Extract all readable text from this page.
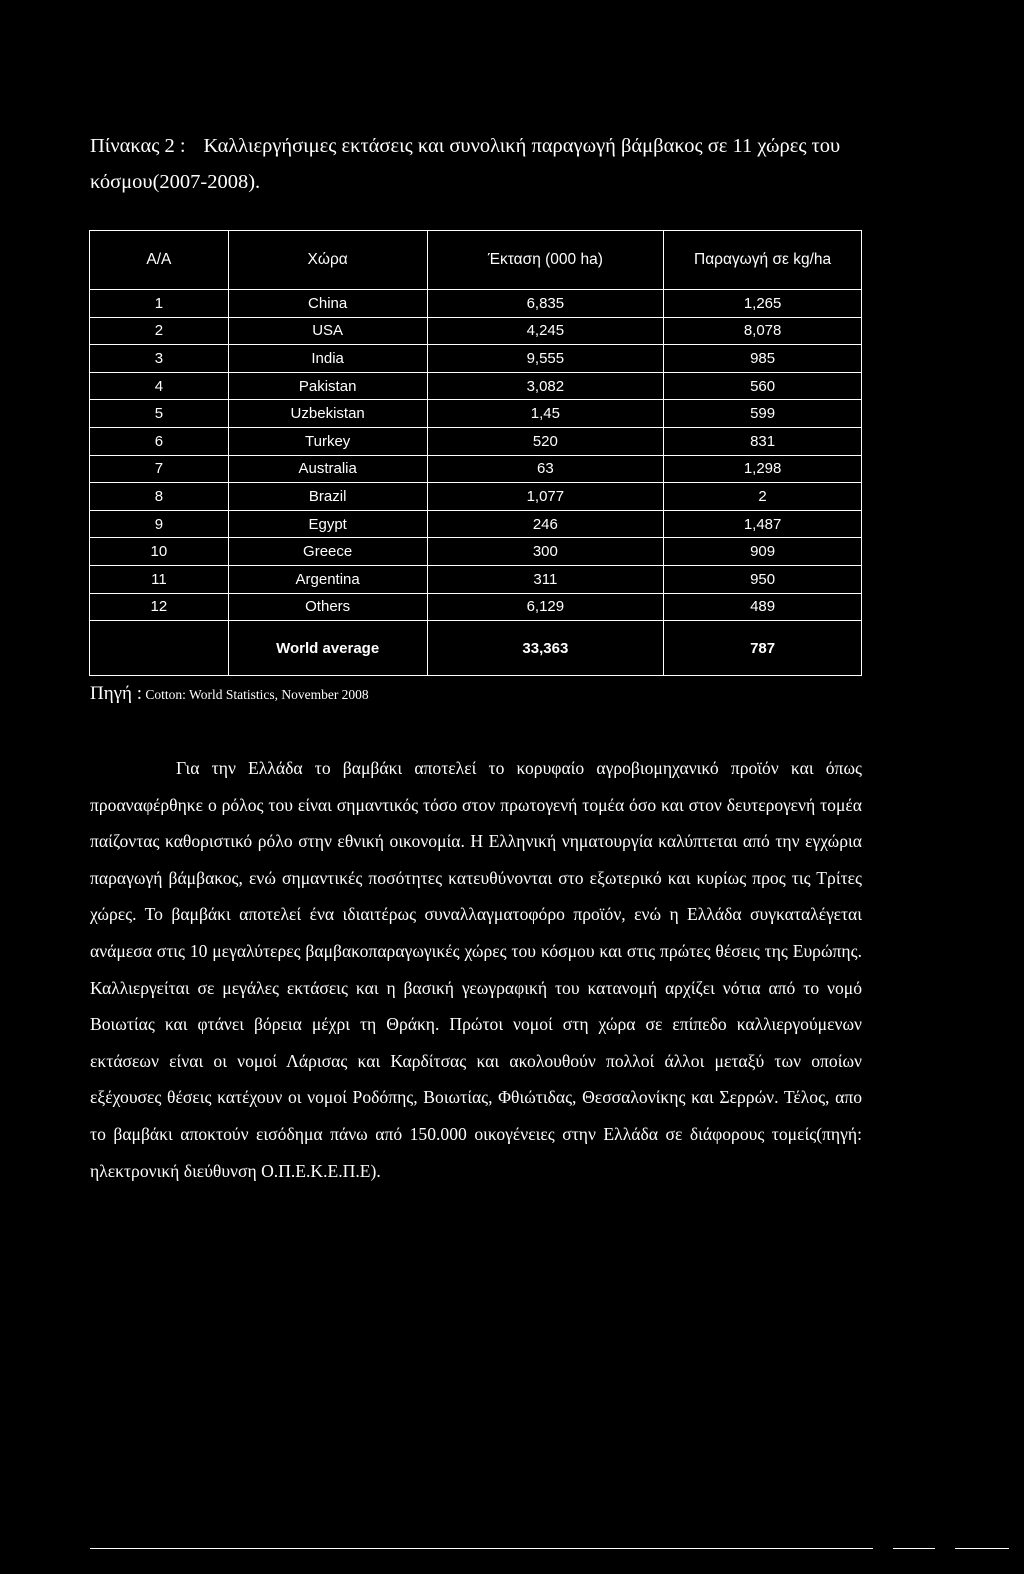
Πίνακας 2 : Καλλιεργήσιμες εκτάσεις και συνολική παραγωγή βάμβακος σε 11 χώρες του κόσμου(2007-2008).
Α/Α	Χώρα	Έκταση (000 ha)	Παραγωγή σε kg/ha
1	China	6,835	1,265
2	USA	4,245	8,078
3	India	9,555	985
4	Pakistan	3,082	560
5	Uzbekistan	1,45	599
6	Turkey	520	831
7	Australia	63	1,298
8	Brazil	1,077	2
9	Egypt	246	1,487
10	Greece	300	909
11	Argentina	311	950
12	Others	6,129	489
	World average	33,363	787
Πηγή : Cotton: World Statistics, November 2008

Για την Ελλάδα το βαμβάκι αποτελεί το κορυφαίο αγροβιομηχανικό προϊόν και όπως προαναφέρθηκε ο ρόλος του είναι σημαντικός τόσο στον πρωτογενή τομέα όσο και στον δευτερογενή τομέα παίζοντας καθοριστικό ρόλο στην εθνική οικονομία. Η Ελληνική νηματουργία καλύπτεται από την εγχώρια παραγωγή βάμβακος, ενώ σημαντικές ποσότητες κατευθύνονται στο εξωτερικό και κυρίως προς τις Τρίτες χώρες. Το βαμβάκι αποτελεί ένα ιδιαιτέρως συναλλαγματοφόρο προϊόν, ενώ η Ελλάδα συγκαταλέγεται ανάμεσα στις 10 μεγαλύτερες βαμβακοπαραγωγικές χώρες του κόσμου και στις πρώτες θέσεις της Ευρώπης. Καλλιεργείται σε μεγάλες εκτάσεις και η βασική γεωγραφική του κατανομή αρχίζει νότια από το νομό Βοιωτίας και φτάνει βόρεια μέχρι τη Θράκη. Πρώτοι νομοί στη χώρα σε επίπεδο καλλιεργούμενων εκτάσεων είναι οι νομοί Λάρισας και Καρδίτσας και ακολουθούν πολλοί άλλοι μεταξύ των οποίων εξέχουσες θέσεις κατέχουν οι νομοί Ροδόπης, Βοιωτίας, Φθιώτιδας, Θεσσαλονίκης και Σερρών. Τέλος, απο το βαμβάκι αποκτούν εισόδημα πάνω από 150.000 οικογένειες στην Ελλάδα σε διάφορους τομείς(πηγή: ηλεκτρονική διεύθυνση Ο.Π.Ε.Κ.Ε.Π.Ε).
